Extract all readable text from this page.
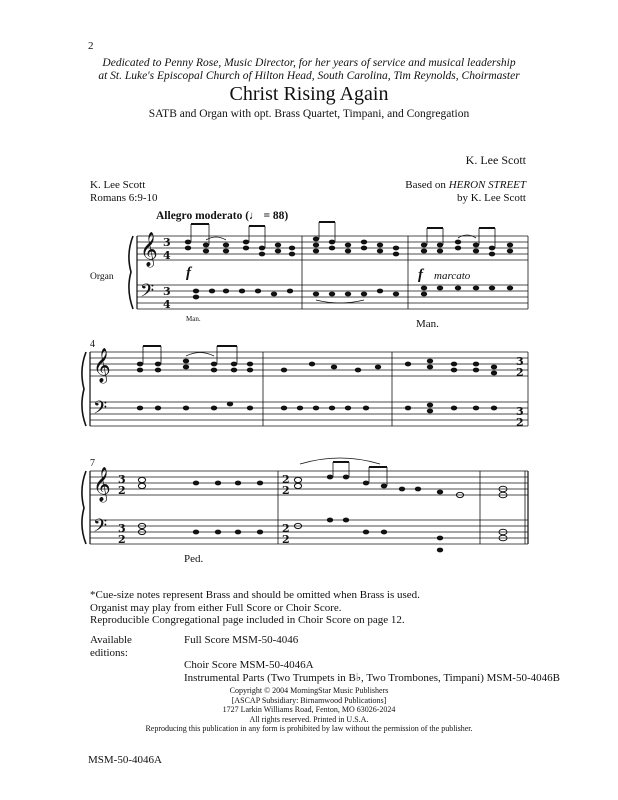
2
Dedicated to Penny Rose, Music Director, for her years of service and musical leadership
at St. Luke's Episcopal Church of Hilton Head, South Carolina, Tim Reynolds, Choirmaster
Christ Rising Again
SATB and Organ with opt. Brass Quartet, Timpani, and Congregation
K. Lee Scott
K. Lee Scott
Romans 6:9-10
Based on HERON STREET
by K. Lee Scott
Allegro moderato (♩ = 88)
Organ
𝄞
𝄢
𝄞
𝄢
𝄞
𝄢
3
4
3
4
3
2
3
2
3
2
3
2
2
2
2
2
4
7
f	f marcato
Man.	Man.
Ped.
*Cue-size notes represent Brass and should be omitted when Brass is used.
Organist may play from either Full Score or Choir Score.
Reproducible Congregational page included in Choir Score on page 12.
Available editions:
Full Score MSM-50-4046
Choir Score MSM-50-4046A
Instrumental Parts (Two Trumpets in B♭, Two Trombones, Timpani) MSM-50-4046B
Copyright © 2004 MorningStar Music Publishers
[ASCAP Subsidiary: Birnamwood Publications]
1727 Larkin Williams Road, Fenton, MO 63026-2024
All rights reserved. Printed in U.S.A.
Reproducing this publication in any form is prohibited by law without the permission of the publisher.
MSM-50-4046A
